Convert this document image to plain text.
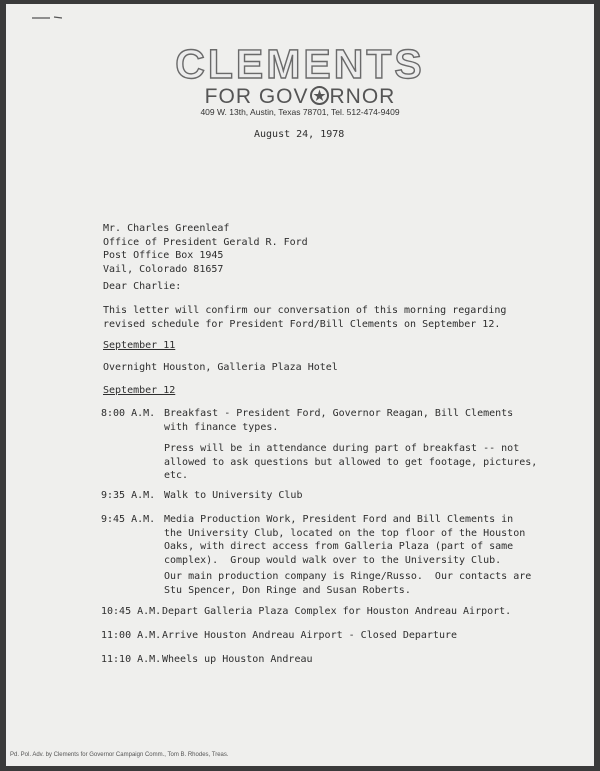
CLEMENTS
FOR GOV RNOR
409 W. 13th, Austin, Texas 78701, Tel. 512-474-9409
August 24, 1978
Mr. Charles Greenleaf
Office of President Gerald R. Ford
Post Office Box 1945
Vail, Colorado 81657
Dear Charlie:
This letter will confirm our conversation of this morning regarding
revised schedule for President Ford/Bill Clements on September 12.
September 11
Overnight Houston, Galleria Plaza Hotel
September 12
8:00 A.M. Breakfast - President Ford, Governor Reagan, Bill Clements
with finance types.
Press will be in attendance during part of breakfast -- not
allowed to ask questions but allowed to get footage, pictures,
etc.
9:35 A.M. Walk to University Club
9:45 A.M. Media Production Work, President Ford and Bill Clements in
the University Club, located on the top floor of the Houston
Oaks, with direct access from Galleria Plaza (part of same
complex).  Group would walk over to the University Club.
Our main production company is Ringe/Russo.  Our contacts are
Stu Spencer, Don Ringe and Susan Roberts.
10:45 A.M. Depart Galleria Plaza Complex for Houston Andreau Airport.
11:00 A.M. Arrive Houston Andreau Airport - Closed Departure
11:10 A.M. Wheels up Houston Andreau
Pd. Pol. Adv. by Clements for Governor Campaign Comm., Tom B. Rhodes, Treas.
